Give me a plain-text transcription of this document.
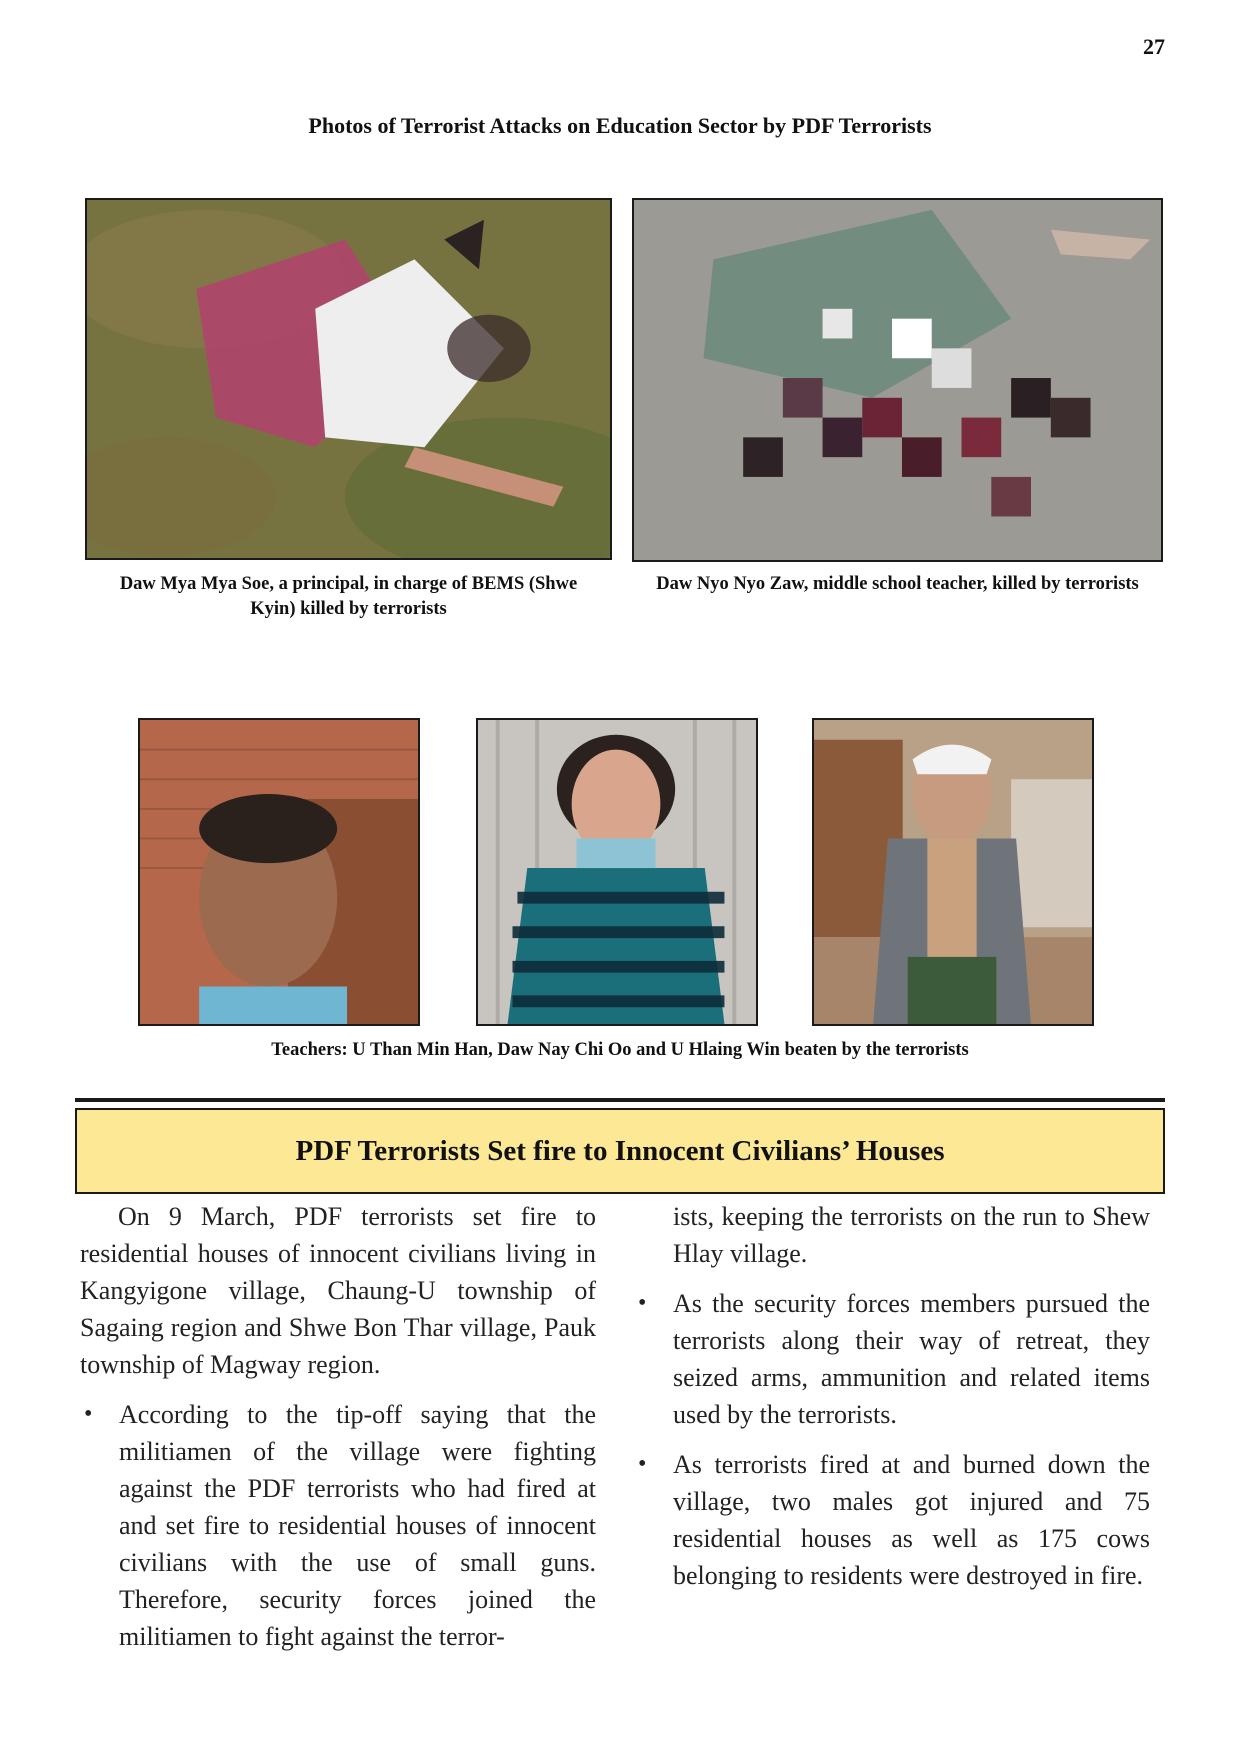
27
Photos of Terrorist Attacks on Education Sector by PDF Terrorists
Daw Mya Mya Soe, a principal, in charge of BEMS (Shwe Kyin) killed by terrorists
Daw Nyo Nyo Zaw, middle school teacher, killed by terrorists
Teachers: U Than Min Han, Daw Nay Chi Oo and U Hlaing Win beaten by the terrorists
PDF Terrorists Set fire to Innocent Civilians’ Houses

On 9 March, PDF terrorists set fire to residential houses of innocent civilians living in Kangyigone village, Chaung-U township of Sagaing region and Shwe Bon Thar village, Pauk township of Magway region.

• According to the tip-off saying that the militiamen of the village were fighting against the PDF terrorists who had fired at and set fire to residential houses of innocent civilians with the use of small guns. Therefore, security forces joined the militiamen to fight against the terror-

ists, keeping the terrorists on the run to Shew Hlay village.

• As the security forces members pursued the terrorists along their way of retreat, they seized arms, ammunition and related items used by the terrorists.
• As terrorists fired at and burned down the village, two males got injured and 75 residential houses as well as 175 cows belonging to residents were destroyed in fire.
